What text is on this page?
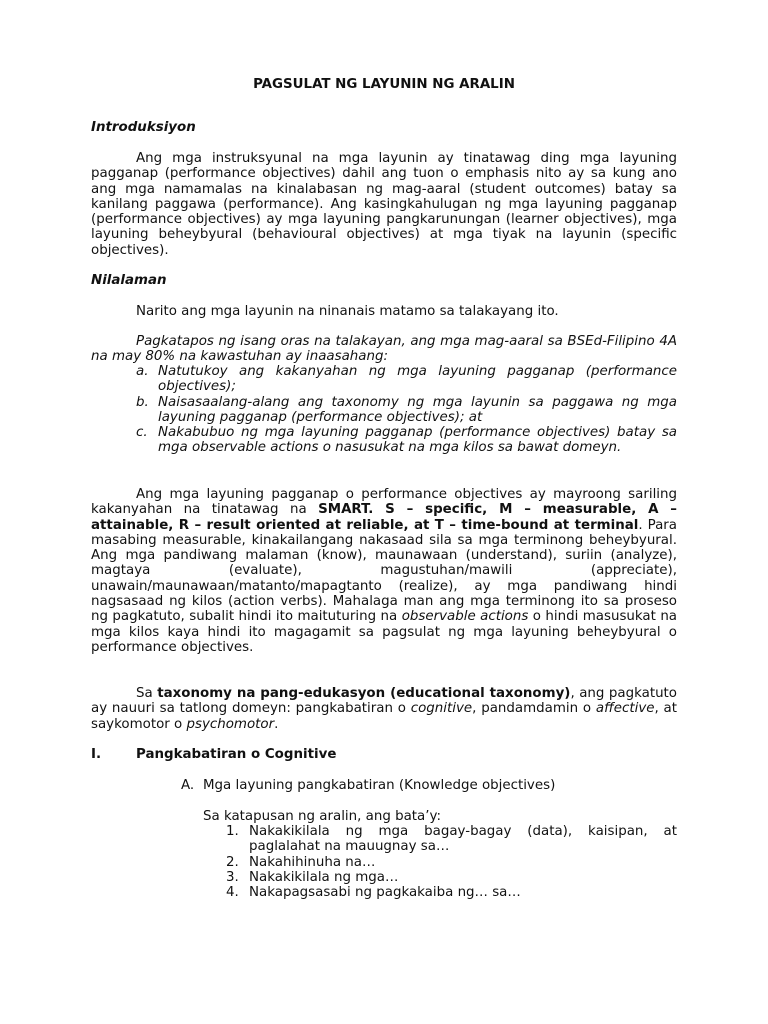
PAGSULAT NG LAYUNIN NG ARALIN
Introduksiyon
Ang mga instruksyunal na mga layunin ay tinatawag ding mga layuning pagganap (performance objectives) dahil ang tuon o emphasis nito ay sa kung ano ang mga namamalas na kinalabasan ng mag-aaral (student outcomes) batay sa kanilang paggawa (performance). Ang kasingkahulugan ng mga layuning pagganap (performance objectives) ay mga layuning pangkarunungan (learner objectives), mga layuning beheybyural (behavioural objectives) at mga tiyak na layunin (specific objectives).
Nilalaman
Narito ang mga layunin na ninanais matamo sa talakayang ito.
Pagkatapos ng isang oras na talakayan, ang mga mag-aaral sa BSEd-Filipino 4A na may 80% na kawastuhan ay inaasahang:
a. Natutukoy ang kakanyahan ng mga layuning pagganap (performance objectives);
b. Naisasaalang-alang ang taxonomy ng mga layunin sa paggawa ng mga layuning pagganap (performance objectives); at
c. Nakabubuo ng mga layuning pagganap (performance objectives) batay sa mga observable actions o nasusukat na mga kilos sa bawat domeyn.
Ang mga layuning pagganap o performance objectives ay mayroong sariling kakanyahan na tinatawag na SMART. S – specific, M – measurable, A – attainable, R – result oriented at reliable, at T – time-bound at terminal. Para masabing measurable, kinakailangang nakasaad sila sa mga terminong beheybyural. Ang mga pandiwang malaman (know), maunawaan (understand), suriin (analyze), magtaya (evaluate), magustuhan/mawili (appreciate), unawain/maunawaan/matanto/mapagtanto (realize), ay mga pandiwang hindi nagsasaad ng kilos (action verbs). Mahalaga man ang mga terminong ito sa proseso ng pagkatuto, subalit hindi ito maituturing na observable actions o hindi masusukat na mga kilos kaya hindi ito magagamit sa pagsulat ng mga layuning beheybyural o performance objectives.
Sa taxonomy na pang-edukasyon (educational taxonomy), ang pagkatuto ay nauuri sa tatlong domeyn: pangkabatiran o cognitive, pandamdamin o affective, at saykomotor o psychomotor.
I.	Pangkabatiran o Cognitive
A. Mga layuning pangkabatiran (Knowledge objectives)
Sa katapusan ng aralin, ang bata’y:
1. Nakakikilala ng mga bagay-bagay (data), kaisipan, at paglalahat na mauugnay sa…
2. Nakahihinuha na…
3. Nakakikilala ng mga…
4. Nakapagsasabi ng pagkakaiba ng… sa…
